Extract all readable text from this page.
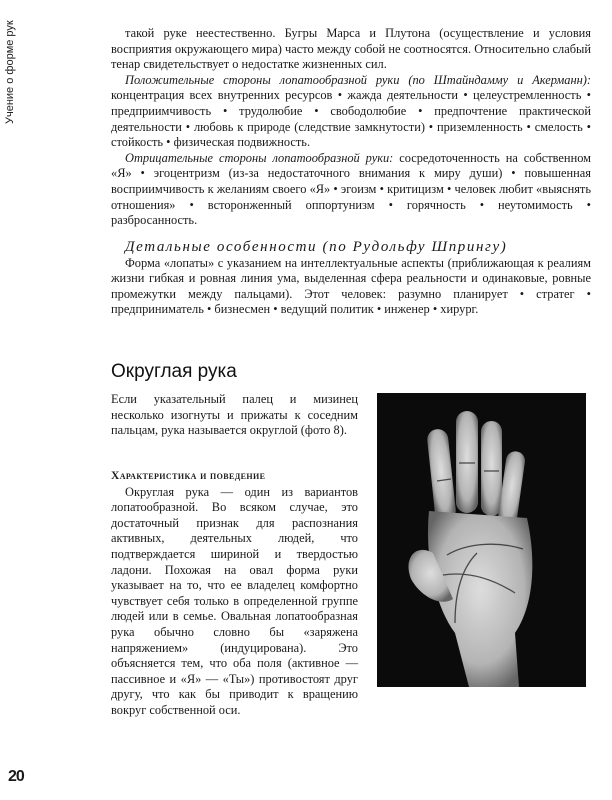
Учение о форме рук	такой руке неестественно. Бугры Марса и Плутона (осуществление и условия восприятия окружающего мира) часто между собой не соотносятся. Относительно слабый тенар свидетельствует о недостатке жизненных сил.

Положительные стороны лопатообразной руки (по Штайндамму и Акерманн): концентрация всех внутренних ресурсов • жажда деятельности • целеустремленность • предприимчивость • трудолюбие • свободолюбие • предпочтение практической деятельности • любовь к природе (следствие замкнутости) • приземленность • смелость • стойкость • физическая подвижность.

Отрицательные стороны лопатообразной руки: сосредоточенность на собственном «Я» • эгоцентризм (из-за недостаточного внимания к миру души) • повышенная восприимчивость к желаниям своего «Я» • эгоизм • критицизм • человек любит «выяснять отношения» • всторонженный оппортунизм • горячность • неутомимость • разбросанность.

Детальные особенности (по Рудольфу Шпрингу)

Форма «лопаты» с указанием на интеллектуальные аспекты (приближающая к реалиям жизни гибкая и ровная линия ума, выделенная сфера реальности и одинаковые, ровные промежутки между пальцами). Этот человек: разумно планирует • стратег • предприниматель • бизнесмен • ведущий политик • инженер • хирург.

Округлая рука

Если указательный палец и мизинец несколько изогнуты и прижаты к соседним пальцам, рука называется округлой (фото 8).

Характеристика и поведение

Округлая рука — один из вариантов лопатообразной. Во всяком случае, это достаточный признак для распознания активных, деятельных людей, что подтверждается шириной и твердостью ладони. Похожая на овал форма руки указывает на то, что ее владелец комфортно чувствует себя только в определенной группе людей или в семье. Овальная лопатообразная рука обычно словно бы «заряжена напряжением» (индуцирована). Это объясняется тем, что оба поля (активное — пассивное и «Я» — «Ты») противостоят друг другу, что как бы приводит к вращению вокруг собственной оси.

20
